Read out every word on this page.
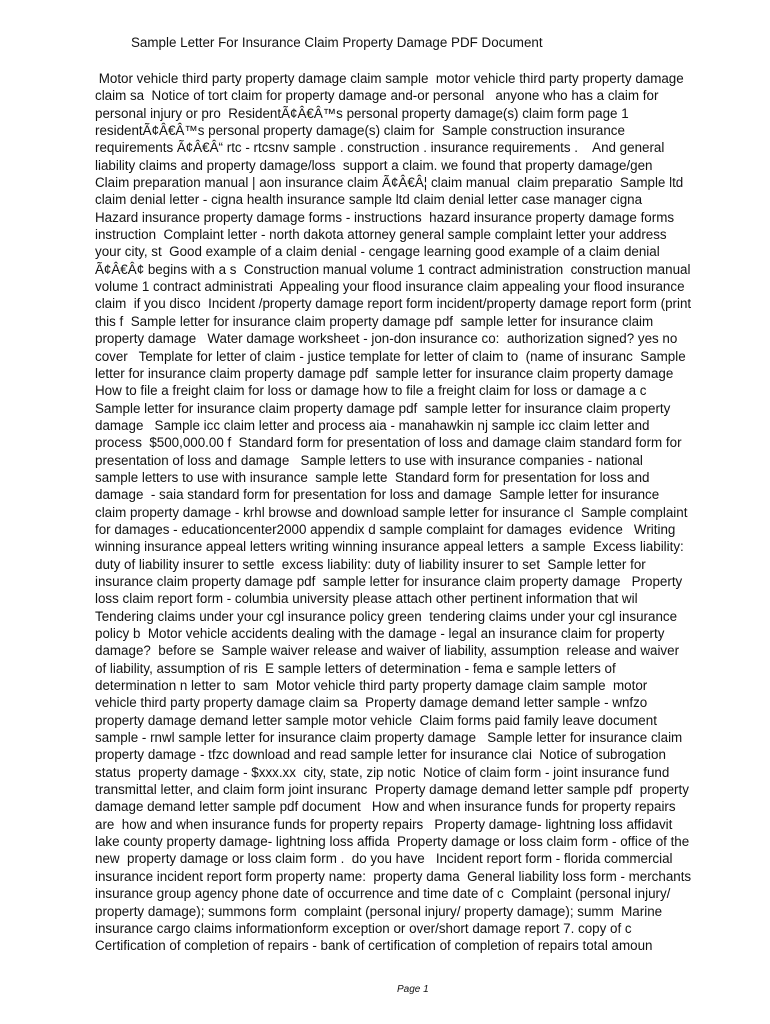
Sample Letter For Insurance Claim Property Damage PDF Document
Motor vehicle third party property damage claim sample  motor vehicle third party property damage
claim sa  Notice of tort claim for property damage and-or personal   anyone who has a claim for
personal injury or pro  ResidentÃ¢Â€Â™s personal property damage(s) claim form page 1
residentÃ¢Â€Â™s personal property damage(s) claim for  Sample construction insurance
requirements Ã¢Â€Â“ rtc - rtcsnv sample . construction . insurance requirements .    And general
liability claims and property damage/loss  support a claim. we found that property damage/gen
Claim preparation manual | aon insurance claim Ã¢Â€Â¦ claim manual  claim preparatio  Sample ltd
claim denial letter - cigna health insurance sample ltd claim denial letter case manager cigna
Hazard insurance property damage forms - instructions  hazard insurance property damage forms
instruction  Complaint letter - north dakota attorney general sample complaint letter your address
your city, st  Good example of a claim denial - cengage learning good example of a claim denial
Ã¢Â€Â¢ begins with a s  Construction manual volume 1 contract administration  construction manual
volume 1 contract administrati  Appealing your flood insurance claim appealing your flood insurance
claim  if you disco  Incident /property damage report form incident/property damage report form (print
this f  Sample letter for insurance claim property damage pdf  sample letter for insurance claim
property damage   Water damage worksheet - jon-don insurance co:  authorization signed? yes no
cover   Template for letter of claim - justice template for letter of claim to  (name of insuranc  Sample
letter for insurance claim property damage pdf  sample letter for insurance claim property damage
How to file a freight claim for loss or damage how to file a freight claim for loss or damage a c
Sample letter for insurance claim property damage pdf  sample letter for insurance claim property
damage   Sample icc claim letter and process aia - manahawkin nj sample icc claim letter and
process  $500,000.00 f  Standard form for presentation of loss and damage claim standard form for
presentation of loss and damage   Sample letters to use with insurance companies - national
sample letters to use with insurance  sample lette  Standard form for presentation for loss and
damage  - saia standard form for presentation for loss and damage  Sample letter for insurance
claim property damage - krhl browse and download sample letter for insurance cl  Sample complaint
for damages - educationcenter2000 appendix d sample complaint for damages  evidence   Writing
winning insurance appeal letters writing winning insurance appeal letters  a sample  Excess liability:
duty of liability insurer to settle  excess liability: duty of liability insurer to set  Sample letter for
insurance claim property damage pdf  sample letter for insurance claim property damage   Property
loss claim report form - columbia university please attach other pertinent information that wil
Tendering claims under your cgl insurance policy green  tendering claims under your cgl insurance
policy b  Motor vehicle accidents dealing with the damage - legal an insurance claim for property
damage?  before se  Sample waiver release and waiver of liability, assumption  release and waiver
of liability, assumption of ris  E sample letters of determination - fema e sample letters of
determination n letter to  sam  Motor vehicle third party property damage claim sample  motor
vehicle third party property damage claim sa  Property damage demand letter sample - wnfzo
property damage demand letter sample motor vehicle  Claim forms paid family leave document
sample - rnwl sample letter for insurance claim property damage   Sample letter for insurance claim
property damage - tfzc download and read sample letter for insurance clai  Notice of subrogation
status  property damage - $xxx.xx  city, state, zip notic  Notice of claim form - joint insurance fund
transmittal letter, and claim form joint insuranc  Property damage demand letter sample pdf  property
damage demand letter sample pdf document   How and when insurance funds for property repairs
are  how and when insurance funds for property repairs   Property damage- lightning loss affidavit
lake county property damage- lightning loss affida  Property damage or loss claim form - office of the
new  property damage or loss claim form .  do you have   Incident report form - florida commercial
insurance incident report form property name:  property dama  General liability loss form - merchants
insurance group agency phone date of occurrence and time date of c  Complaint (personal injury/
property damage); summons form  complaint (personal injury/ property damage); summ  Marine
insurance cargo claims informationform exception or over/short damage report 7. copy of c
Certification of completion of repairs - bank of certification of completion of repairs total amoun
Page 1
